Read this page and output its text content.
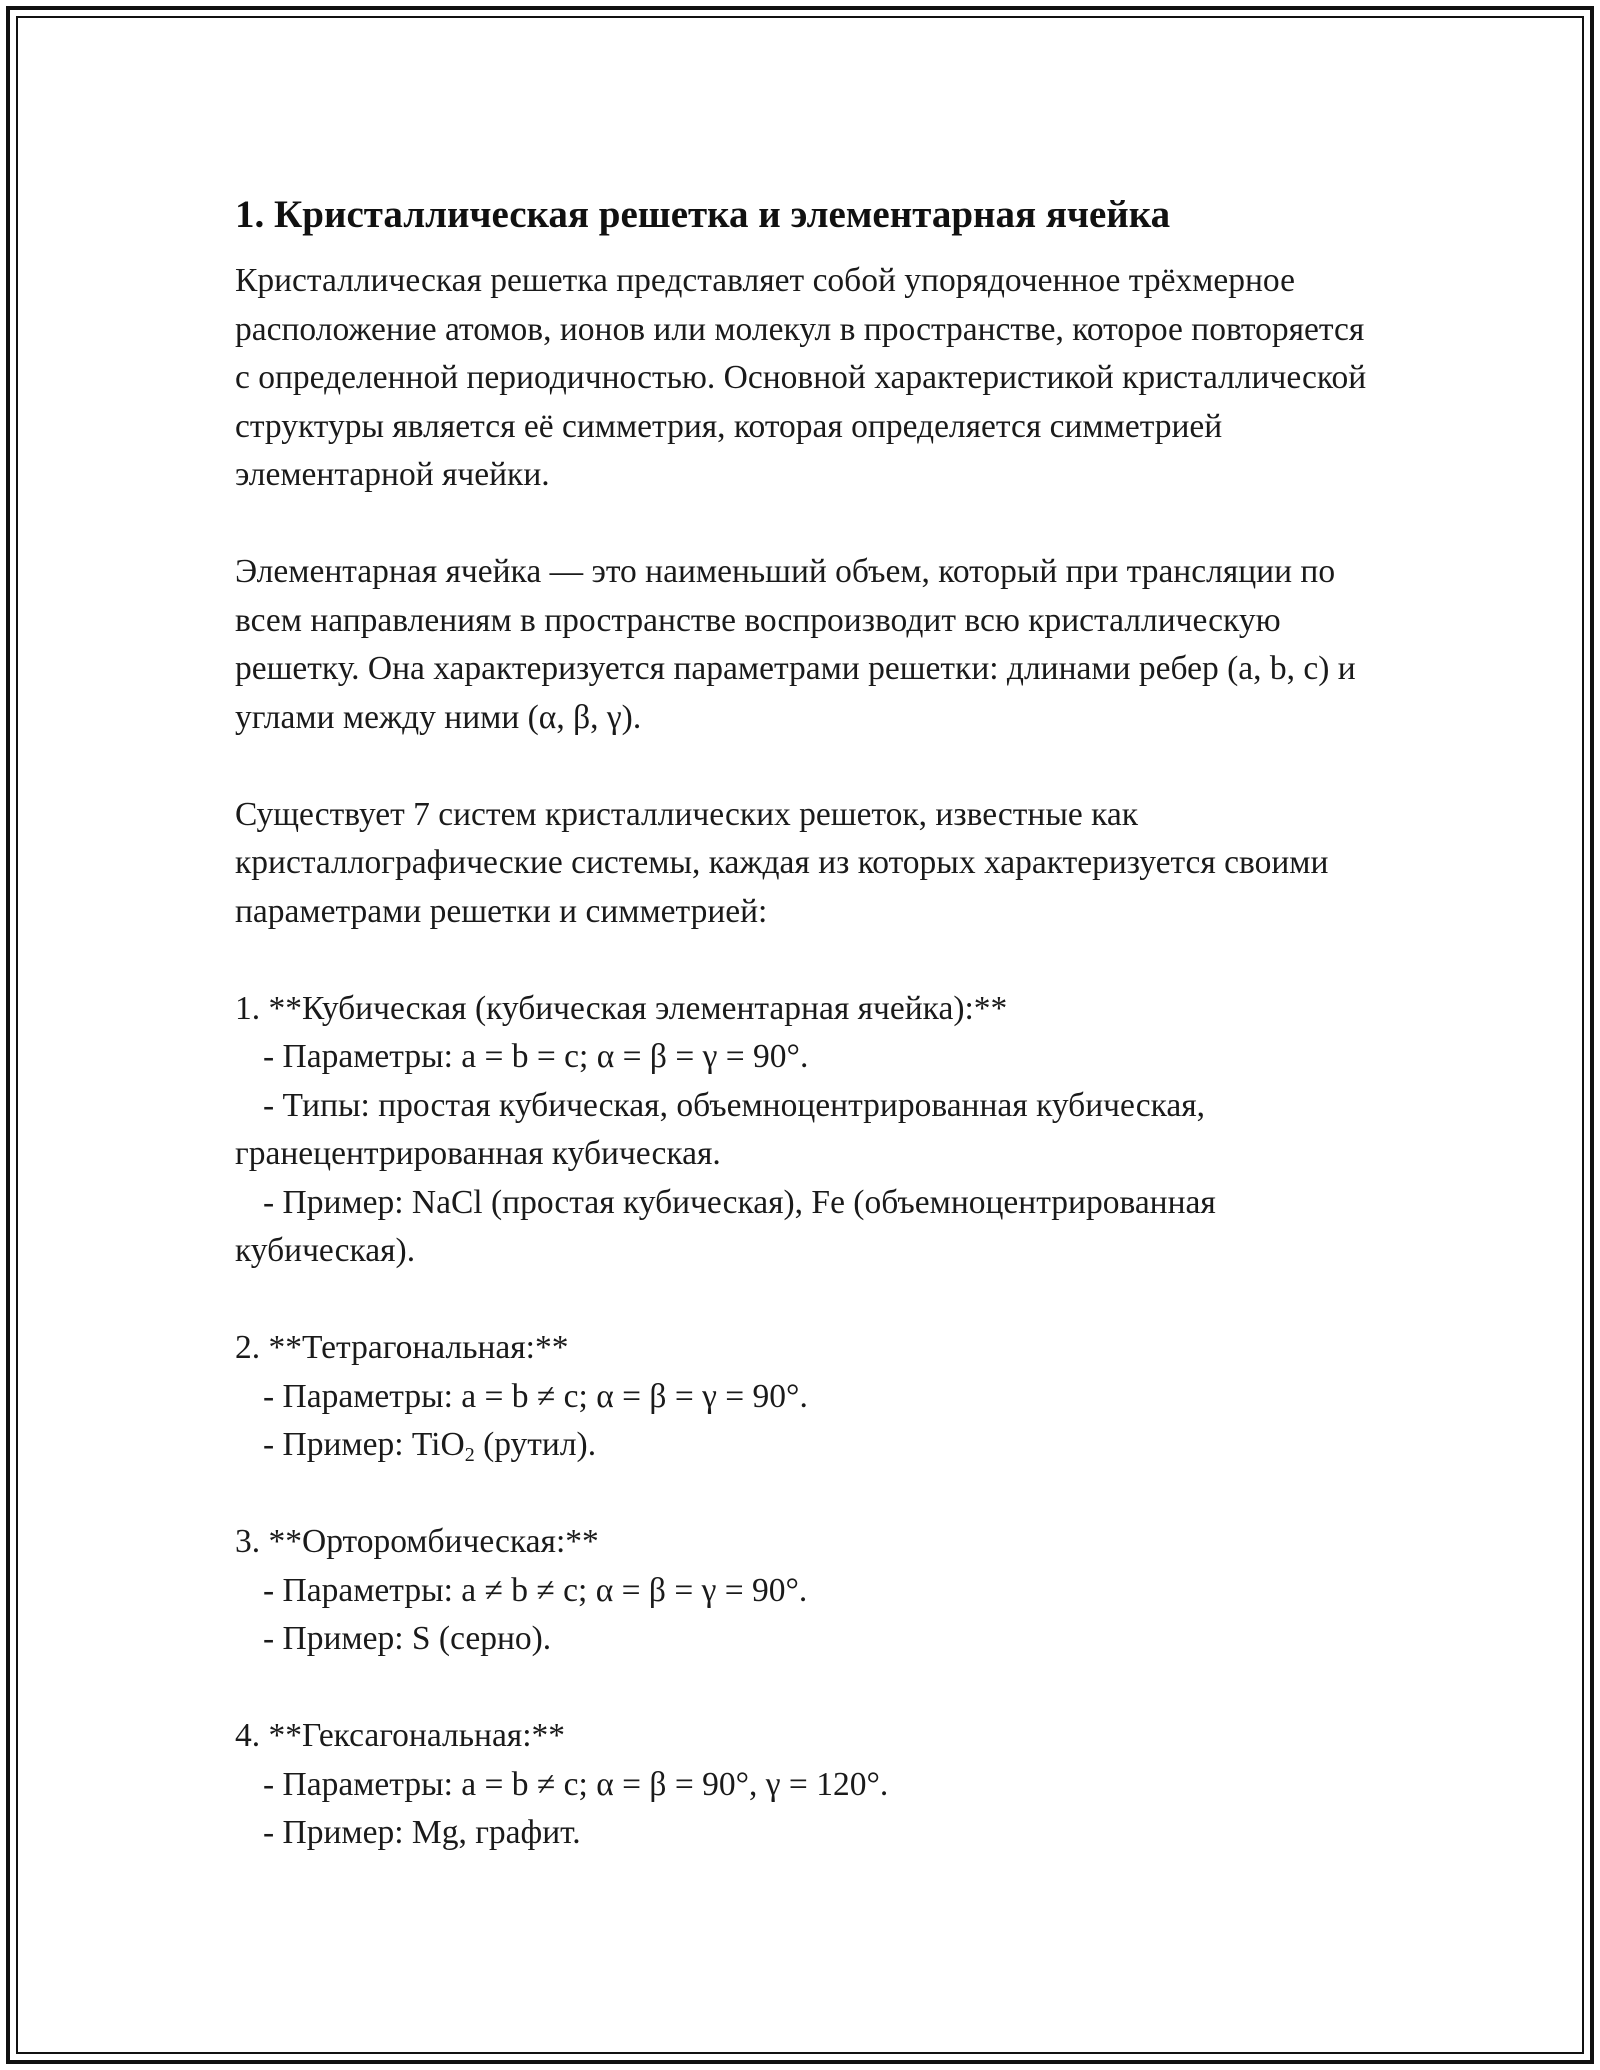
1. Кристаллическая решетка и элементарная ячейка

Кристаллическая решетка представляет собой упорядоченное трёхмерное расположение атомов, ионов или молекул в пространстве, которое повторяется с определенной периодичностью. Основной характеристикой кристаллической структуры является её симметрия, которая определяется симметрией элементарной ячейки.

Элементарная ячейка — это наименьший объем, который при трансляции по всем направлениям в пространстве воспроизводит всю кристаллическую решетку. Она характеризуется параметрами решетки: длинами ребер (a, b, c) и углами между ними (α, β, γ).

Существует 7 систем кристаллических решеток, известные как кристаллографические системы, каждая из которых характеризуется своими параметрами решетки и симметрией:

1. **Кубическая (кубическая элементарная ячейка):**
- Параметры: a = b = c; α = β = γ = 90°.
- Типы: простая кубическая, объемноцентрированная кубическая, гранецентрированная кубическая.
- Пример: NaCl (простая кубическая), Fe (объемноцентрированная кубическая).
2. **Тетрагональная:**
- Параметры: a = b ≠ c; α = β = γ = 90°.
- Пример: TiO$_2$ (рутил).
3. **Орторомбическая:**
- Параметры: a ≠ b ≠ c; α = β = γ = 90°.
- Пример: S (серно).
4. **Гексагональная:**
- Параметры: a = b ≠ c; α = β = 90°, γ = 120°.
- Пример: Mg, графит.
